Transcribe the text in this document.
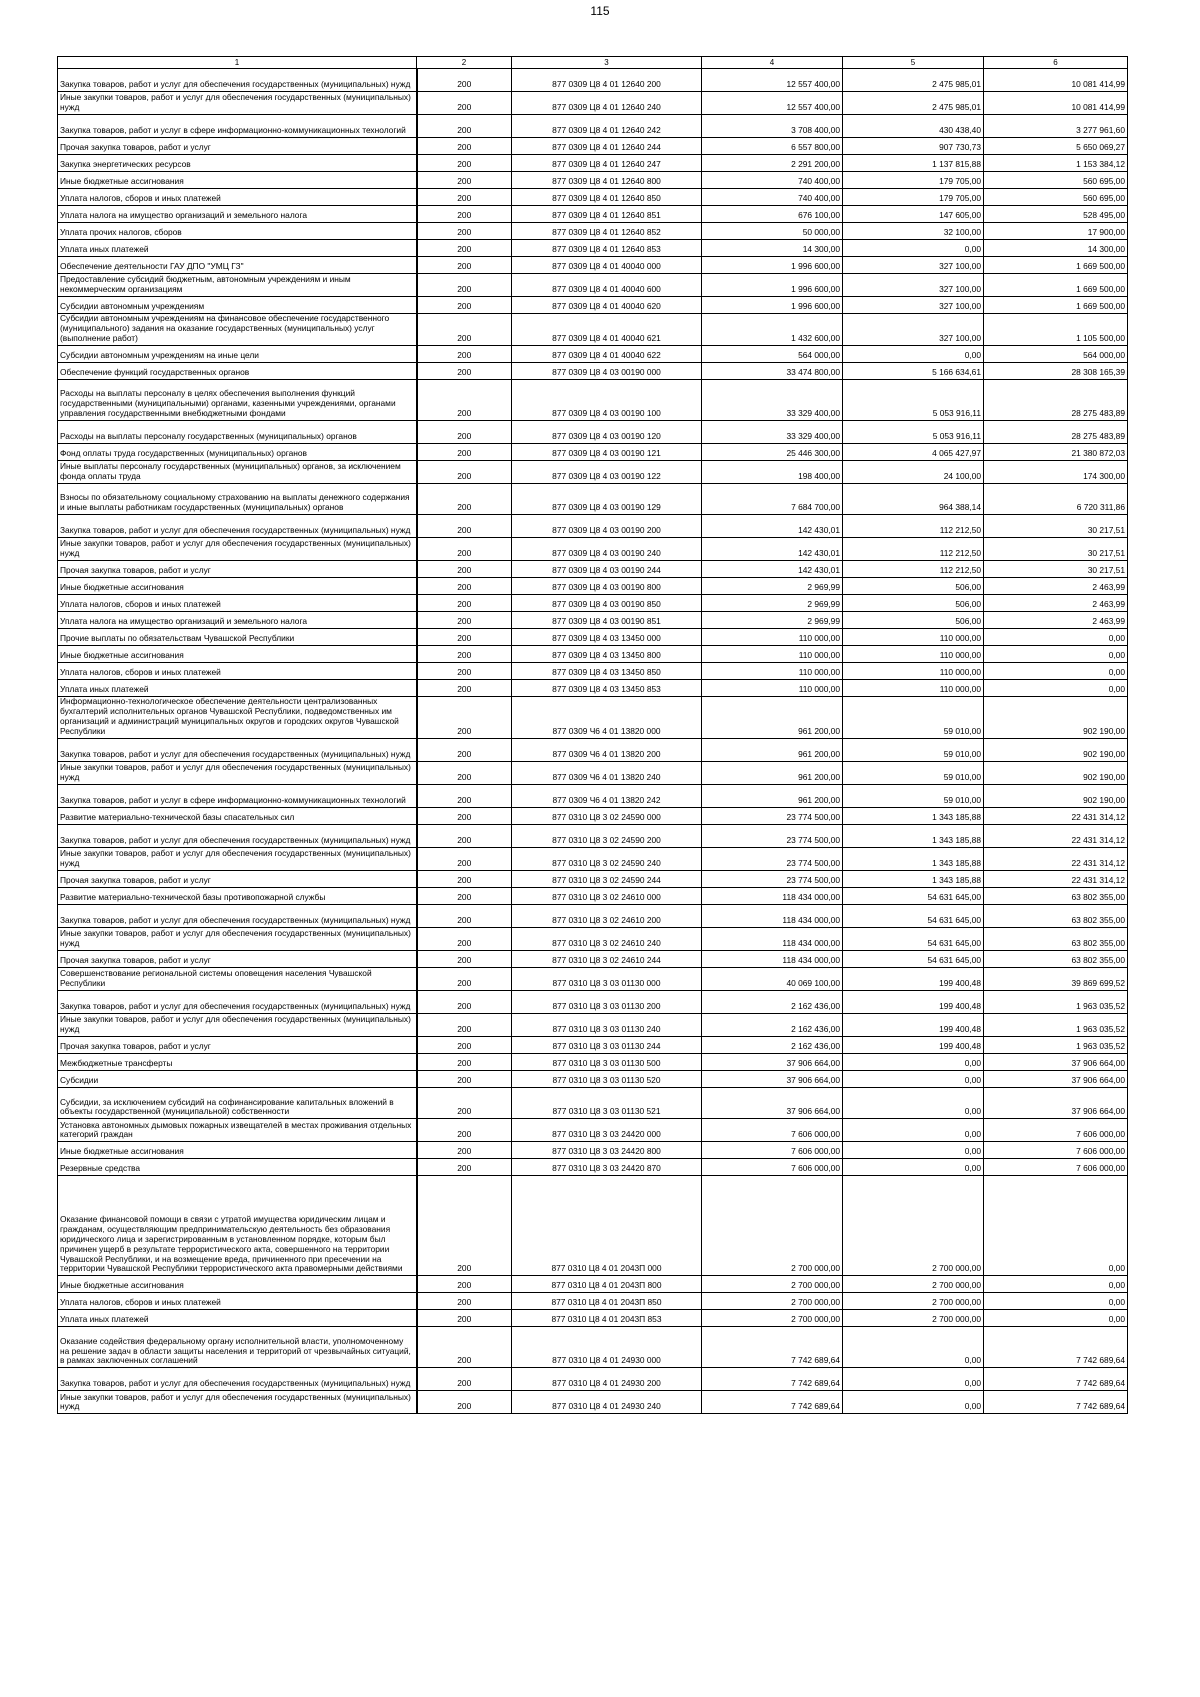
115
1	2	3	4	5	6
Закупка товаров, работ и услуг для обеспечения государственных (муниципальных) нужд	200	877 0309 Ц8 4 01 12640 200	12 557 400,00	2 475 985,01	10 081 414,99
Иные закупки товаров, работ и услуг для обеспечения государственных (муниципальных) нужд	200	877 0309 Ц8 4 01 12640 240	12 557 400,00	2 475 985,01	10 081 414,99
Закупка товаров, работ и услуг в сфере информационно-коммуникационных технологий	200	877 0309 Ц8 4 01 12640 242	3 708 400,00	430 438,40	3 277 961,60
Прочая закупка товаров, работ и услуг	200	877 0309 Ц8 4 01 12640 244	6 557 800,00	907 730,73	5 650 069,27
Закупка энергетических ресурсов	200	877 0309 Ц8 4 01 12640 247	2 291 200,00	1 137 815,88	1 153 384,12
Иные бюджетные ассигнования	200	877 0309 Ц8 4 01 12640 800	740 400,00	179 705,00	560 695,00
Уплата налогов, сборов и иных платежей	200	877 0309 Ц8 4 01 12640 850	740 400,00	179 705,00	560 695,00
Уплата налога на имущество организаций и земельного налога	200	877 0309 Ц8 4 01 12640 851	676 100,00	147 605,00	528 495,00
Уплата прочих налогов, сборов	200	877 0309 Ц8 4 01 12640 852	50 000,00	32 100,00	17 900,00
Уплата иных платежей	200	877 0309 Ц8 4 01 12640 853	14 300,00	0,00	14 300,00
Обеспечение деятельности ГАУ ДПО "УМЦ ГЗ"	200	877 0309 Ц8 4 01 40040 000	1 996 600,00	327 100,00	1 669 500,00
Предоставление субсидий бюджетным, автономным учреждениям и иным некоммерческим организациям	200	877 0309 Ц8 4 01 40040 600	1 996 600,00	327 100,00	1 669 500,00
Субсидии автономным учреждениям	200	877 0309 Ц8 4 01 40040 620	1 996 600,00	327 100,00	1 669 500,00
Субсидии автономным учреждениям на финансовое обеспечение государственного (муниципального) задания на оказание государственных (муниципальных) услуг (выполнение работ)	200	877 0309 Ц8 4 01 40040 621	1 432 600,00	327 100,00	1 105 500,00
Субсидии автономным учреждениям на иные цели	200	877 0309 Ц8 4 01 40040 622	564 000,00	0,00	564 000,00
Обеспечение функций государственных органов	200	877 0309 Ц8 4 03 00190 000	33 474 800,00	5 166 634,61	28 308 165,39
Расходы на выплаты персоналу в целях обеспечения выполнения функций государственными (муниципальными) органами, казенными учреждениями, органами управления государственными внебюджетными фондами	200	877 0309 Ц8 4 03 00190 100	33 329 400,00	5 053 916,11	28 275 483,89
Расходы на выплаты персоналу государственных (муниципальных) органов	200	877 0309 Ц8 4 03 00190 120	33 329 400,00	5 053 916,11	28 275 483,89
Фонд оплаты труда государственных (муниципальных) органов	200	877 0309 Ц8 4 03 00190 121	25 446 300,00	4 065 427,97	21 380 872,03
Иные выплаты персоналу государственных (муниципальных) органов, за исключением фонда оплаты труда	200	877 0309 Ц8 4 03 00190 122	198 400,00	24 100,00	174 300,00
Взносы по обязательному социальному страхованию на выплаты денежного содержания и иные выплаты работникам государственных (муниципальных) органов	200	877 0309 Ц8 4 03 00190 129	7 684 700,00	964 388,14	6 720 311,86
Закупка товаров, работ и услуг для обеспечения государственных (муниципальных) нужд	200	877 0309 Ц8 4 03 00190 200	142 430,01	112 212,50	30 217,51
Иные закупки товаров, работ и услуг для обеспечения государственных (муниципальных) нужд	200	877 0309 Ц8 4 03 00190 240	142 430,01	112 212,50	30 217,51
Прочая закупка товаров, работ и услуг	200	877 0309 Ц8 4 03 00190 244	142 430,01	112 212,50	30 217,51
Иные бюджетные ассигнования	200	877 0309 Ц8 4 03 00190 800	2 969,99	506,00	2 463,99
Уплата налогов, сборов и иных платежей	200	877 0309 Ц8 4 03 00190 850	2 969,99	506,00	2 463,99
Уплата налога на имущество организаций и земельного налога	200	877 0309 Ц8 4 03 00190 851	2 969,99	506,00	2 463,99
Прочие выплаты по обязательствам Чувашской Республики	200	877 0309 Ц8 4 03 13450 000	110 000,00	110 000,00	0,00
Иные бюджетные ассигнования	200	877 0309 Ц8 4 03 13450 800	110 000,00	110 000,00	0,00
Уплата налогов, сборов и иных платежей	200	877 0309 Ц8 4 03 13450 850	110 000,00	110 000,00	0,00
Уплата иных платежей	200	877 0309 Ц8 4 03 13450 853	110 000,00	110 000,00	0,00
Информационно-технологическое обеспечение деятельности централизованных бухгалтерий исполнительных органов Чувашской Республики, подведомственных им организаций и администраций муниципальных округов и городских округов Чувашской Республики	200	877 0309 Ч6 4 01 13820 000	961 200,00	59 010,00	902 190,00
Закупка товаров, работ и услуг для обеспечения государственных (муниципальных) нужд	200	877 0309 Ч6 4 01 13820 200	961 200,00	59 010,00	902 190,00
Иные закупки товаров, работ и услуг для обеспечения государственных (муниципальных) нужд	200	877 0309 Ч6 4 01 13820 240	961 200,00	59 010,00	902 190,00
Закупка товаров, работ и услуг в сфере информационно-коммуникационных технологий	200	877 0309 Ч6 4 01 13820 242	961 200,00	59 010,00	902 190,00
Развитие материально-технической базы спасательных сил	200	877 0310 Ц8 3 02 24590 000	23 774 500,00	1 343 185,88	22 431 314,12
Закупка товаров, работ и услуг для обеспечения государственных (муниципальных) нужд	200	877 0310 Ц8 3 02 24590 200	23 774 500,00	1 343 185,88	22 431 314,12
Иные закупки товаров, работ и услуг для обеспечения государственных (муниципальных) нужд	200	877 0310 Ц8 3 02 24590 240	23 774 500,00	1 343 185,88	22 431 314,12
Прочая закупка товаров, работ и услуг	200	877 0310 Ц8 3 02 24590 244	23 774 500,00	1 343 185,88	22 431 314,12
Развитие материально-технической базы противопожарной службы	200	877 0310 Ц8 3 02 24610 000	118 434 000,00	54 631 645,00	63 802 355,00
Закупка товаров, работ и услуг для обеспечения государственных (муниципальных) нужд	200	877 0310 Ц8 3 02 24610 200	118 434 000,00	54 631 645,00	63 802 355,00
Иные закупки товаров, работ и услуг для обеспечения государственных (муниципальных) нужд	200	877 0310 Ц8 3 02 24610 240	118 434 000,00	54 631 645,00	63 802 355,00
Прочая закупка товаров, работ и услуг	200	877 0310 Ц8 3 02 24610 244	118 434 000,00	54 631 645,00	63 802 355,00
Совершенствование региональной системы оповещения населения Чувашской Республики	200	877 0310 Ц8 3 03 01130 000	40 069 100,00	199 400,48	39 869 699,52
Закупка товаров, работ и услуг для обеспечения государственных (муниципальных) нужд	200	877 0310 Ц8 3 03 01130 200	2 162 436,00	199 400,48	1 963 035,52
Иные закупки товаров, работ и услуг для обеспечения государственных (муниципальных) нужд	200	877 0310 Ц8 3 03 01130 240	2 162 436,00	199 400,48	1 963 035,52
Прочая закупка товаров, работ и услуг	200	877 0310 Ц8 3 03 01130 244	2 162 436,00	199 400,48	1 963 035,52
Межбюджетные трансферты	200	877 0310 Ц8 3 03 01130 500	37 906 664,00	0,00	37 906 664,00
Субсидии	200	877 0310 Ц8 3 03 01130 520	37 906 664,00	0,00	37 906 664,00
Субсидии, за исключением субсидий на софинансирование капитальных вложений в объекты государственной (муниципальной) собственности	200	877 0310 Ц8 3 03 01130 521	37 906 664,00	0,00	37 906 664,00
Установка автономных дымовых пожарных извещателей в местах проживания отдельных категорий граждан	200	877 0310 Ц8 3 03 24420 000	7 606 000,00	0,00	7 606 000,00
Иные бюджетные ассигнования	200	877 0310 Ц8 3 03 24420 800	7 606 000,00	0,00	7 606 000,00
Резервные средства	200	877 0310 Ц8 3 03 24420 870	7 606 000,00	0,00	7 606 000,00
Оказание финансовой помощи в связи с утратой имущества юридическим лицам и гражданам, осуществляющим предпринимательскую деятельность без образования юридического лица и зарегистрированным в установленном порядке, которым был причинен ущерб в результате террористического акта, совершенного на территории Чувашской Республики, и на возмещение вреда, причиненного при пресечении на территории Чувашской Республики террористического акта правомерными действиями	200	877 0310 Ц8 4 01 2043П 000	2 700 000,00	2 700 000,00	0,00
Иные бюджетные ассигнования	200	877 0310 Ц8 4 01 2043П 800	2 700 000,00	2 700 000,00	0,00
Уплата налогов, сборов и иных платежей	200	877 0310 Ц8 4 01 2043П 850	2 700 000,00	2 700 000,00	0,00
Уплата иных платежей	200	877 0310 Ц8 4 01 2043П 853	2 700 000,00	2 700 000,00	0,00
Оказание содействия федеральному органу исполнительной власти, уполномоченному на решение задач в области защиты населения и территорий от чрезвычайных ситуаций, в рамках заключенных соглашений	200	877 0310 Ц8 4 01 24930 000	7 742 689,64	0,00	7 742 689,64
Закупка товаров, работ и услуг для обеспечения государственных (муниципальных) нужд	200	877 0310 Ц8 4 01 24930 200	7 742 689,64	0,00	7 742 689,64
Иные закупки товаров, работ и услуг для обеспечения государственных (муниципальных) нужд	200	877 0310 Ц8 4 01 24930 240	7 742 689,64	0,00	7 742 689,64
